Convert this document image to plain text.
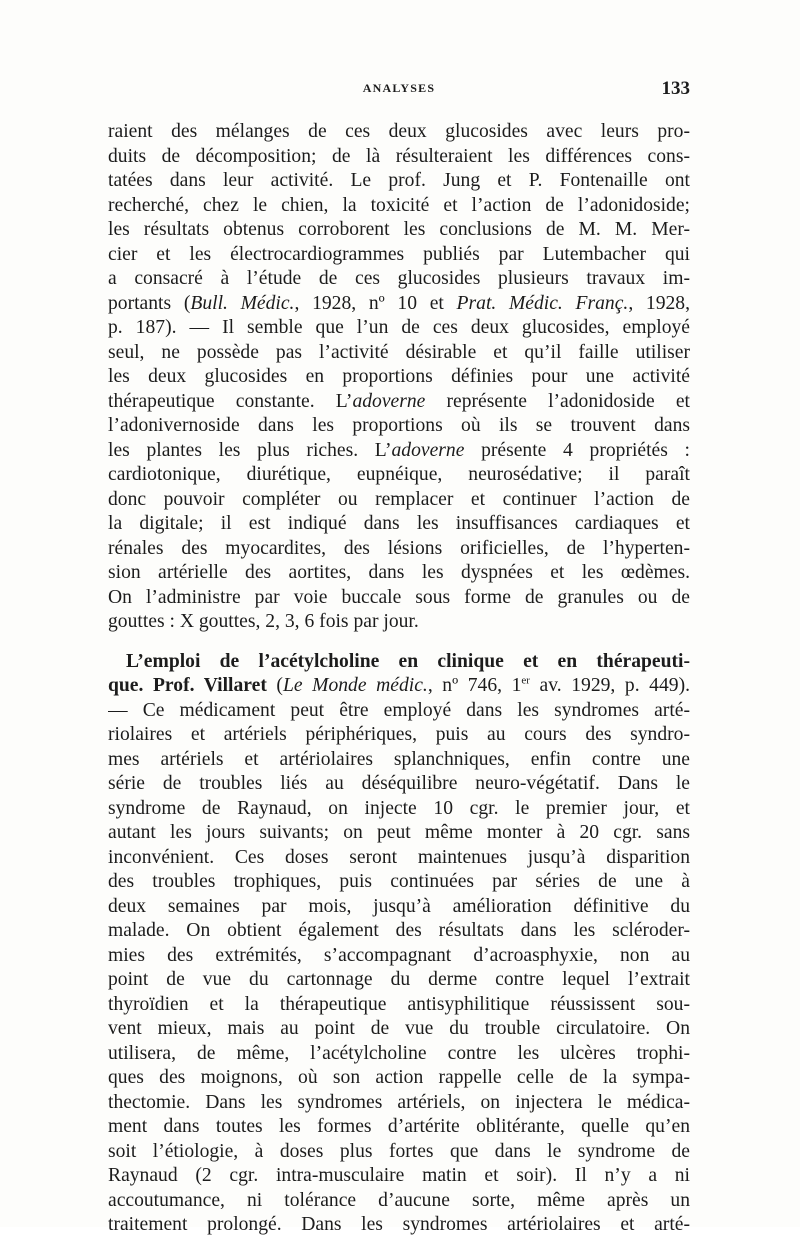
ANALYSES	133
raient des mélanges de ces deux glucosides avec leurs pro-
duits de décomposition; de là résulteraient les différences cons-
tatées dans leur activité. Le prof. Jung et P. Fontenaille ont
recherché, chez le chien, la toxicité et l’action de l’adonidoside;
les résultats obtenus corroborent les conclusions de M. M. Mer-
cier et les électrocardiogrammes publiés par Lutembacher qui
a consacré à l’étude de ces glucosides plusieurs travaux im-
portants (Bull. Médic., 1928, nº 10 et Prat. Médic. Franç., 1928,
p. 187). — Il semble que l’un de ces deux glucosides, employé
seul, ne possède pas l’activité désirable et qu’il faille utiliser
les deux glucosides en proportions définies pour une activité
thérapeutique constante. L’adoverne représente l’adonidoside et
l’adonivernoside dans les proportions où ils se trouvent dans
les plantes les plus riches. L’adoverne présente 4 propriétés :
cardiotonique, diurétique, eupnéique, neurosédative; il paraît
donc pouvoir compléter ou remplacer et continuer l’action de
la digitale; il est indiqué dans les insuffisances cardiaques et
rénales des myocardites, des lésions orificielles, de l’hyperten-
sion artérielle des aortites, dans les dyspnées et les œdèmes.
On l’administre par voie buccale sous forme de granules ou de
gouttes : X gouttes, 2, 3, 6 fois par jour.
L’emploi de l’acétylcholine en clinique et en thérapeuti-
que. Prof. Villaret (Le Monde médic., nº 746, 1er av. 1929, p. 449).
— Ce médicament peut être employé dans les syndromes arté-
riolaires et artériels périphériques, puis au cours des syndro-
mes artériels et artériolaires splanchniques, enfin contre une
série de troubles liés au déséquilibre neuro-végétatif. Dans le
syndrome de Raynaud, on injecte 10 cgr. le premier jour, et
autant les jours suivants; on peut même monter à 20 cgr. sans
inconvénient. Ces doses seront maintenues jusqu’à disparition
des troubles trophiques, puis continuées par séries de une à
deux semaines par mois, jusqu’à amélioration définitive du
malade. On obtient également des résultats dans les scléroder-
mies des extrémités, s’accompagnant d’acroasphyxie, non au
point de vue du cartonnage du derme contre lequel l’extrait
thyroïdien et la thérapeutique antisyphilitique réussissent sou-
vent mieux, mais au point de vue du trouble circulatoire. On
utilisera, de même, l’acétylcholine contre les ulcères trophi-
ques des moignons, où son action rappelle celle de la sympa-
thectomie. Dans les syndromes artériels, on injectera le médica-
ment dans toutes les formes d’artérite oblitérante, quelle qu’en
soit l’étiologie, à doses plus fortes que dans le syndrome de
Raynaud (2 cgr. intra-musculaire matin et soir). Il n’y a ni
accoutumance, ni tolérance d’aucune sorte, même après un
traitement prolongé. Dans les syndromes artériolaires et arté-
